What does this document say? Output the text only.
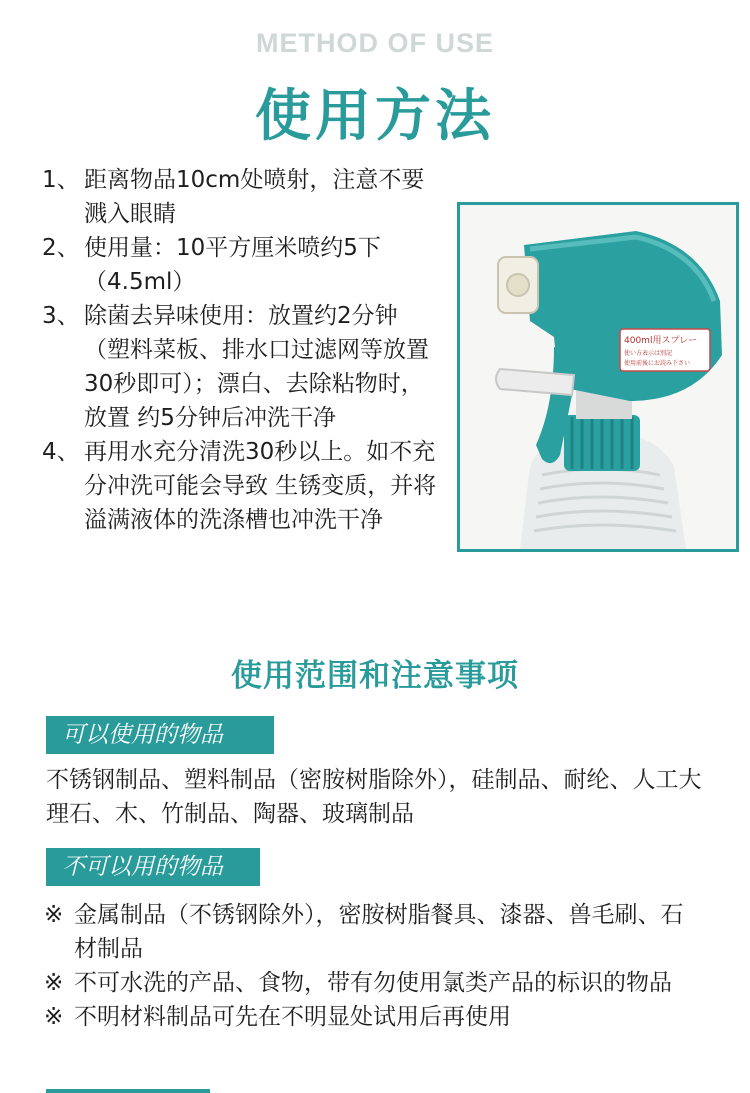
METHOD OF USE
使用方法
1、 距离物品10cm处喷射，注意不要溅入眼睛
2、 使用量：10平方厘米喷约5下（4.5ml）
3、 除菌去异味使用：放置约2分钟（塑料菜板、排水口过滤网等放置30秒即可）；漂白、去除粘物时，放置 约5分钟后冲洗干净
4、 再用水充分清洗30秒以上。如不充分冲洗可能会导致 生锈变质，并将溢满液体的洗涤槽也冲洗干净
400ml用スプレー
使い方表示は別記
使用前後にお読み下さい
使用范围和注意事项
可以使用的物品

不锈钢制品、塑料制品（密胺树脂除外），硅制品、耐纶、人工大理石、木、竹制品、陶器、玻璃制品

不可以用的物品
※ 金属制品（不锈钢除外），密胺树脂餐具、漆器、兽毛刷、石材制品
※ 不可水洗的产品、食物，带有勿使用氯类产品的标识的物品
※ 不明材料制品可先在不明显处试用后再使用
